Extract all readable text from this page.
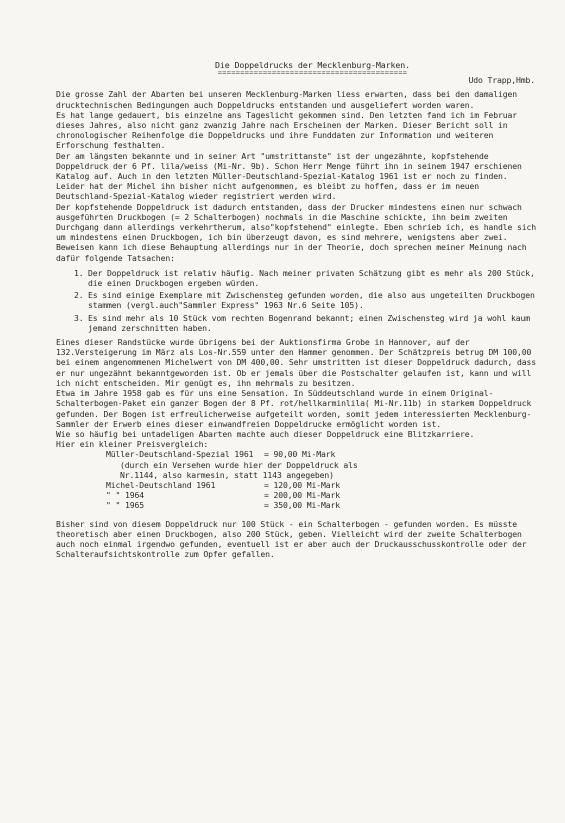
Die Doppeldrucks der Mecklenburg-Marken.
==========================================
Udo Trapp,Hmb.

Die grosse Zahl der Abarten bei unseren Mecklenburg-Marken liess erwarten, dass bei den damaligen drucktechnischen Bedingungen auch Doppeldrucks entstanden und ausgeliefert worden waren.

Es hat lange gedauert, bis einzelne ans Tageslicht gekommen sind. Den letzten fand ich im Februar dieses Jahres, also nicht ganz zwanzig Jahre nach Erscheinen der Marken. Dieser Bericht soll in chronologischer Reihenfolge die Doppeldrucks und ihre Funddaten zur Information und weiteren Erforschung festhalten.

Der am längsten bekannte und in seiner Art "umstrittanste" ist der ungezähnte, kopfstehende Doppeldruck der 6 Pf. lila/weiss (Mi-Nr. 9b). Schon Herr Menge führt ihn in seinem 1947 erschienen Katalog auf. Auch in den letzten Müller-Deutschland-Spezial-Katalog 1961 ist er noch zu finden. Leider hat der Michel ihn bisher nicht aufgenommen, es bleibt zu hoffen, dass er im neuen Deutschland-Spezial-Katalog wieder registriert werden wird.

Der kopfstehende Doppeldruck ist dadurch entstanden, dass der Drucker mindestens einen nur schwach ausgeführten Druckbogen (= 2 Schalterbogen) nochmals in die Maschine schickte, ihn beim zweiten Durchgang dann allerdings verkehrtherum, also"kopfstehend" einlegte. Eben schrieb ich, es handle sich um mindestens einen Druckbogen, ich bin überzeugt davon, es sind mehrere, wenigstens aber zwei. Beweisen kann ich diese Behauptung allerdings nur in der Theorie, doch sprechen meiner Meinung nach dafür folgende Tatsachen:

1. Der Doppeldruck ist relativ häufig. Nach meiner privaten Schätzung gibt es mehr als 200 Stück, die einen Druckbogen ergeben würden.
2. Es sind einige Exemplare mit Zwischensteg gefunden worden, die also aus ungeteilten Druckbogen stammen (vergl.auch"Sammler Express" 1963 Nr.6 Seite 105).
3. Es sind mehr als 10 Stück vom rechten Bogenrand bekannt; einen Zwischensteg wird ja wohl kaum jemand zerschnitten haben.

Eines dieser Randstücke wurde übrigens bei der Auktionsfirma Grobe in Hannover, auf der 132.Versteigerung im März als Los-Nr.559 unter den Hammer genommen. Der Schätzpreis betrug DM 100,00 bei einem angenommenen Michelwert von DM 400,00. Sehr umstritten ist dieser Doppeldruck dadurch, dass er nur ungezähnt bekanntgeworden ist. Ob er jemals über die Postschalter gelaufen ist, kann und will ich nicht entscheiden. Mir genügt es, ihn mehrmals zu besitzen.

Etwa im Jahre 1958 gab es für uns eine Sensation. In Süddeutschland wurde in einem Original-Schalterbogen-Paket ein ganzer Bogen der 8 Pf. rot/hellkarminlila( Mi-Nr.11b) in starkem Doppeldruck gefunden. Der Bogen ist erfreulicherweise aufgeteilt worden, somit jedem interessierten Mecklenburg-Sammler der Erwerb eines dieser einwandfreien Doppeldrucke ermöglicht worden ist.

Wie so häufig bei untadeligen Abarten machte auch dieser Doppeldruck eine Blitzkarriere.

Hier ein kleiner Preisvergleich:

Müller-Deutschland-Spezial 1961	= 90,00 Mi-Mark
(durch ein Versehen wurde hier der Doppeldruck als
Nr.1144, also karmesin, statt 1143 angegeben)
Michel-Deutschland 1961	= 120,00 Mi-Mark
" " 1964	= 200,00 Mi-Mark
" " 1965	= 350,00 Mi-Mark

Bisher sind von diesem Doppeldruck nur 100 Stück - ein Schalterbogen - gefunden worden. Es müsste theoretisch aber einen Druckbogen, also 200 Stück, geben. Vielleicht wird der zweite Schalterbogen auch noch einmal irgendwo gefunden, eventuell ist er aber auch der Druckausschusskontrolle oder der Schalteraufsichtskontrolle zum Opfer gefallen.
